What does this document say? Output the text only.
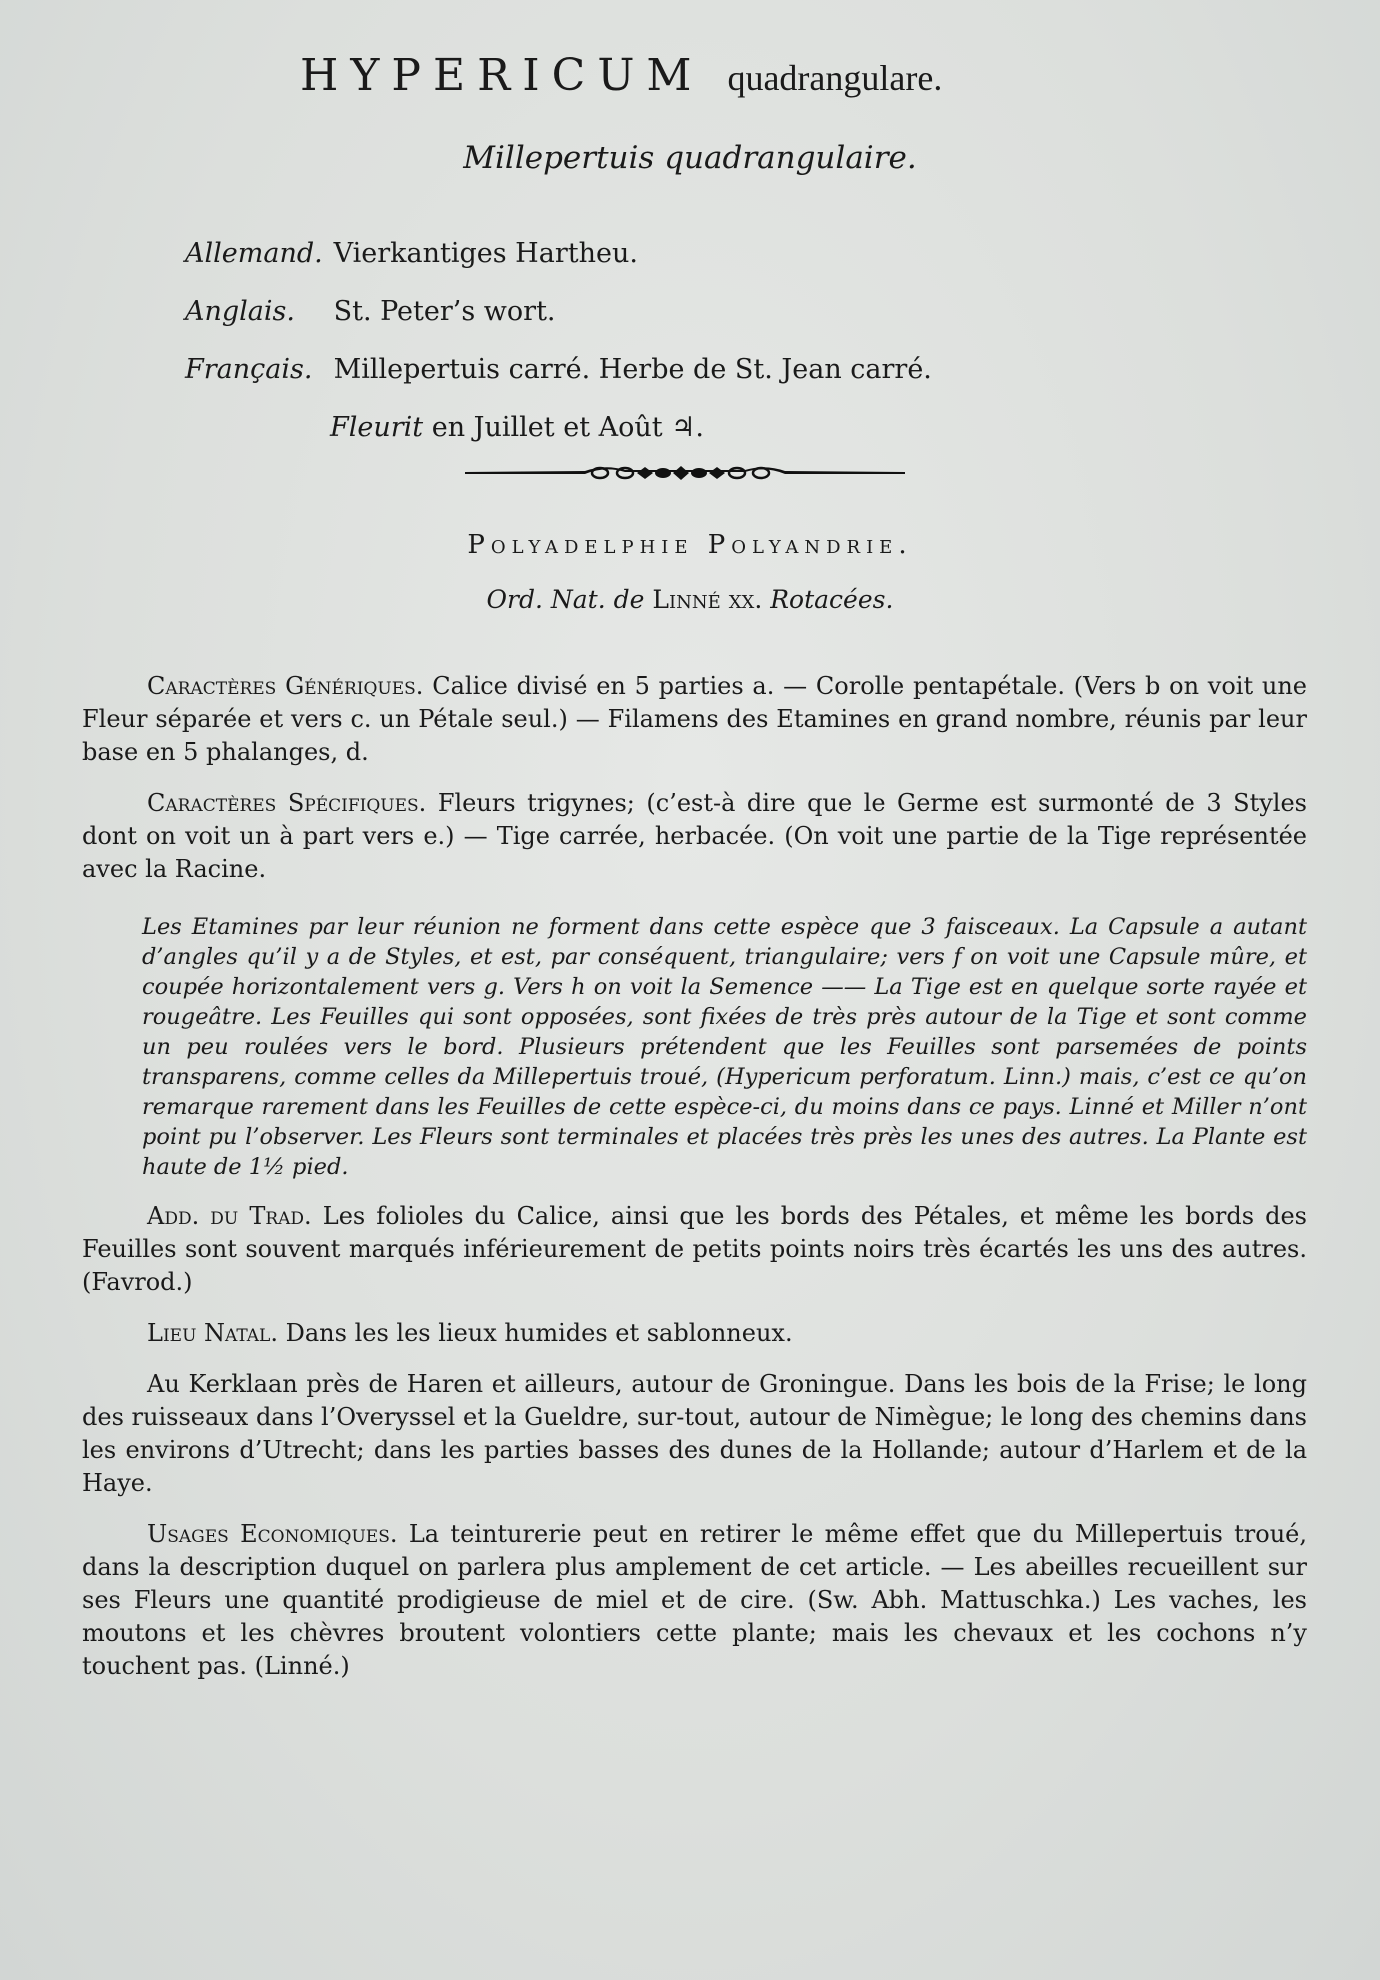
HYPERICUM quadrangulare.
Millepertuis quadrangulaire.
Allemand. Vierkantiges Hartheu.
Anglais. St. Peter’s wort.
Français. Millepertuis carré. Herbe de St. Jean carré.
Fleurit en Juillet et Août ♃.
Polyadelphie Polyandrie.
Ord. Nat. de Linné xx. Rotacées.

Caractères Génériques. Calice divisé en 5 parties a. — Corolle pentapétale. (Vers b on voit une Fleur séparée et vers c. un Pétale seul.) — Filamens des Etamines en grand nombre, réunis par leur base en 5 phalanges, d.

Caractères Spécifiques. Fleurs trigynes; (c’est-à dire que le Germe est surmonté de 3 Styles dont on voit un à part vers e.) — Tige carrée, herbacée. (On voit une partie de la Tige représentée avec la Racine.

Les Etamines par leur réunion ne forment dans cette espèce que 3 faisceaux. La Capsule a autant d’angles qu’il y a de Styles, et est, par conséquent, triangulaire; vers f on voit une Capsule mûre, et coupée horizontalement vers g. Vers h on voit la Semence —— La Tige est en quelque sorte rayée et rougeâtre. Les Feuilles qui sont opposées, sont fixées de très près autour de la Tige et sont comme un peu roulées vers le bord. Plusieurs prétendent que les Feuilles sont parsemées de points transparens, comme celles da Millepertuis troué, (Hypericum perforatum. Linn.) mais, c’est ce qu’on remarque rarement dans les Feuilles de cette espèce-ci, du moins dans ce pays. Linné et Miller n’ont point pu l’observer. Les Fleurs sont terminales et placées très près les unes des autres. La Plante est haute de 1½ pied.

Add. du Trad. Les folioles du Calice, ainsi que les bords des Pétales, et même les bords des Feuilles sont souvent marqués inférieurement de petits points noirs très écartés les uns des autres. (Favrod.)

Lieu Natal. Dans les les lieux humides et sablonneux.

Au Kerklaan près de Haren et ailleurs, autour de Groningue. Dans les bois de la Frise; le long des ruisseaux dans l’Overyssel et la Gueldre, sur-tout, autour de Nimègue; le long des chemins dans les environs d’Utrecht; dans les parties basses des dunes de la Hollande; autour d’Harlem et de la Haye.

Usages Economiques. La teinturerie peut en retirer le même effet que du Millepertuis troué, dans la description duquel on parlera plus amplement de cet article. — Les abeilles recueillent sur ses Fleurs une quantité prodigieuse de miel et de cire. (Sw. Abh. Mattuschka.) Les vaches, les moutons et les chèvres broutent volontiers cette plante; mais les chevaux et les cochons n’y touchent pas. (Linné.)
